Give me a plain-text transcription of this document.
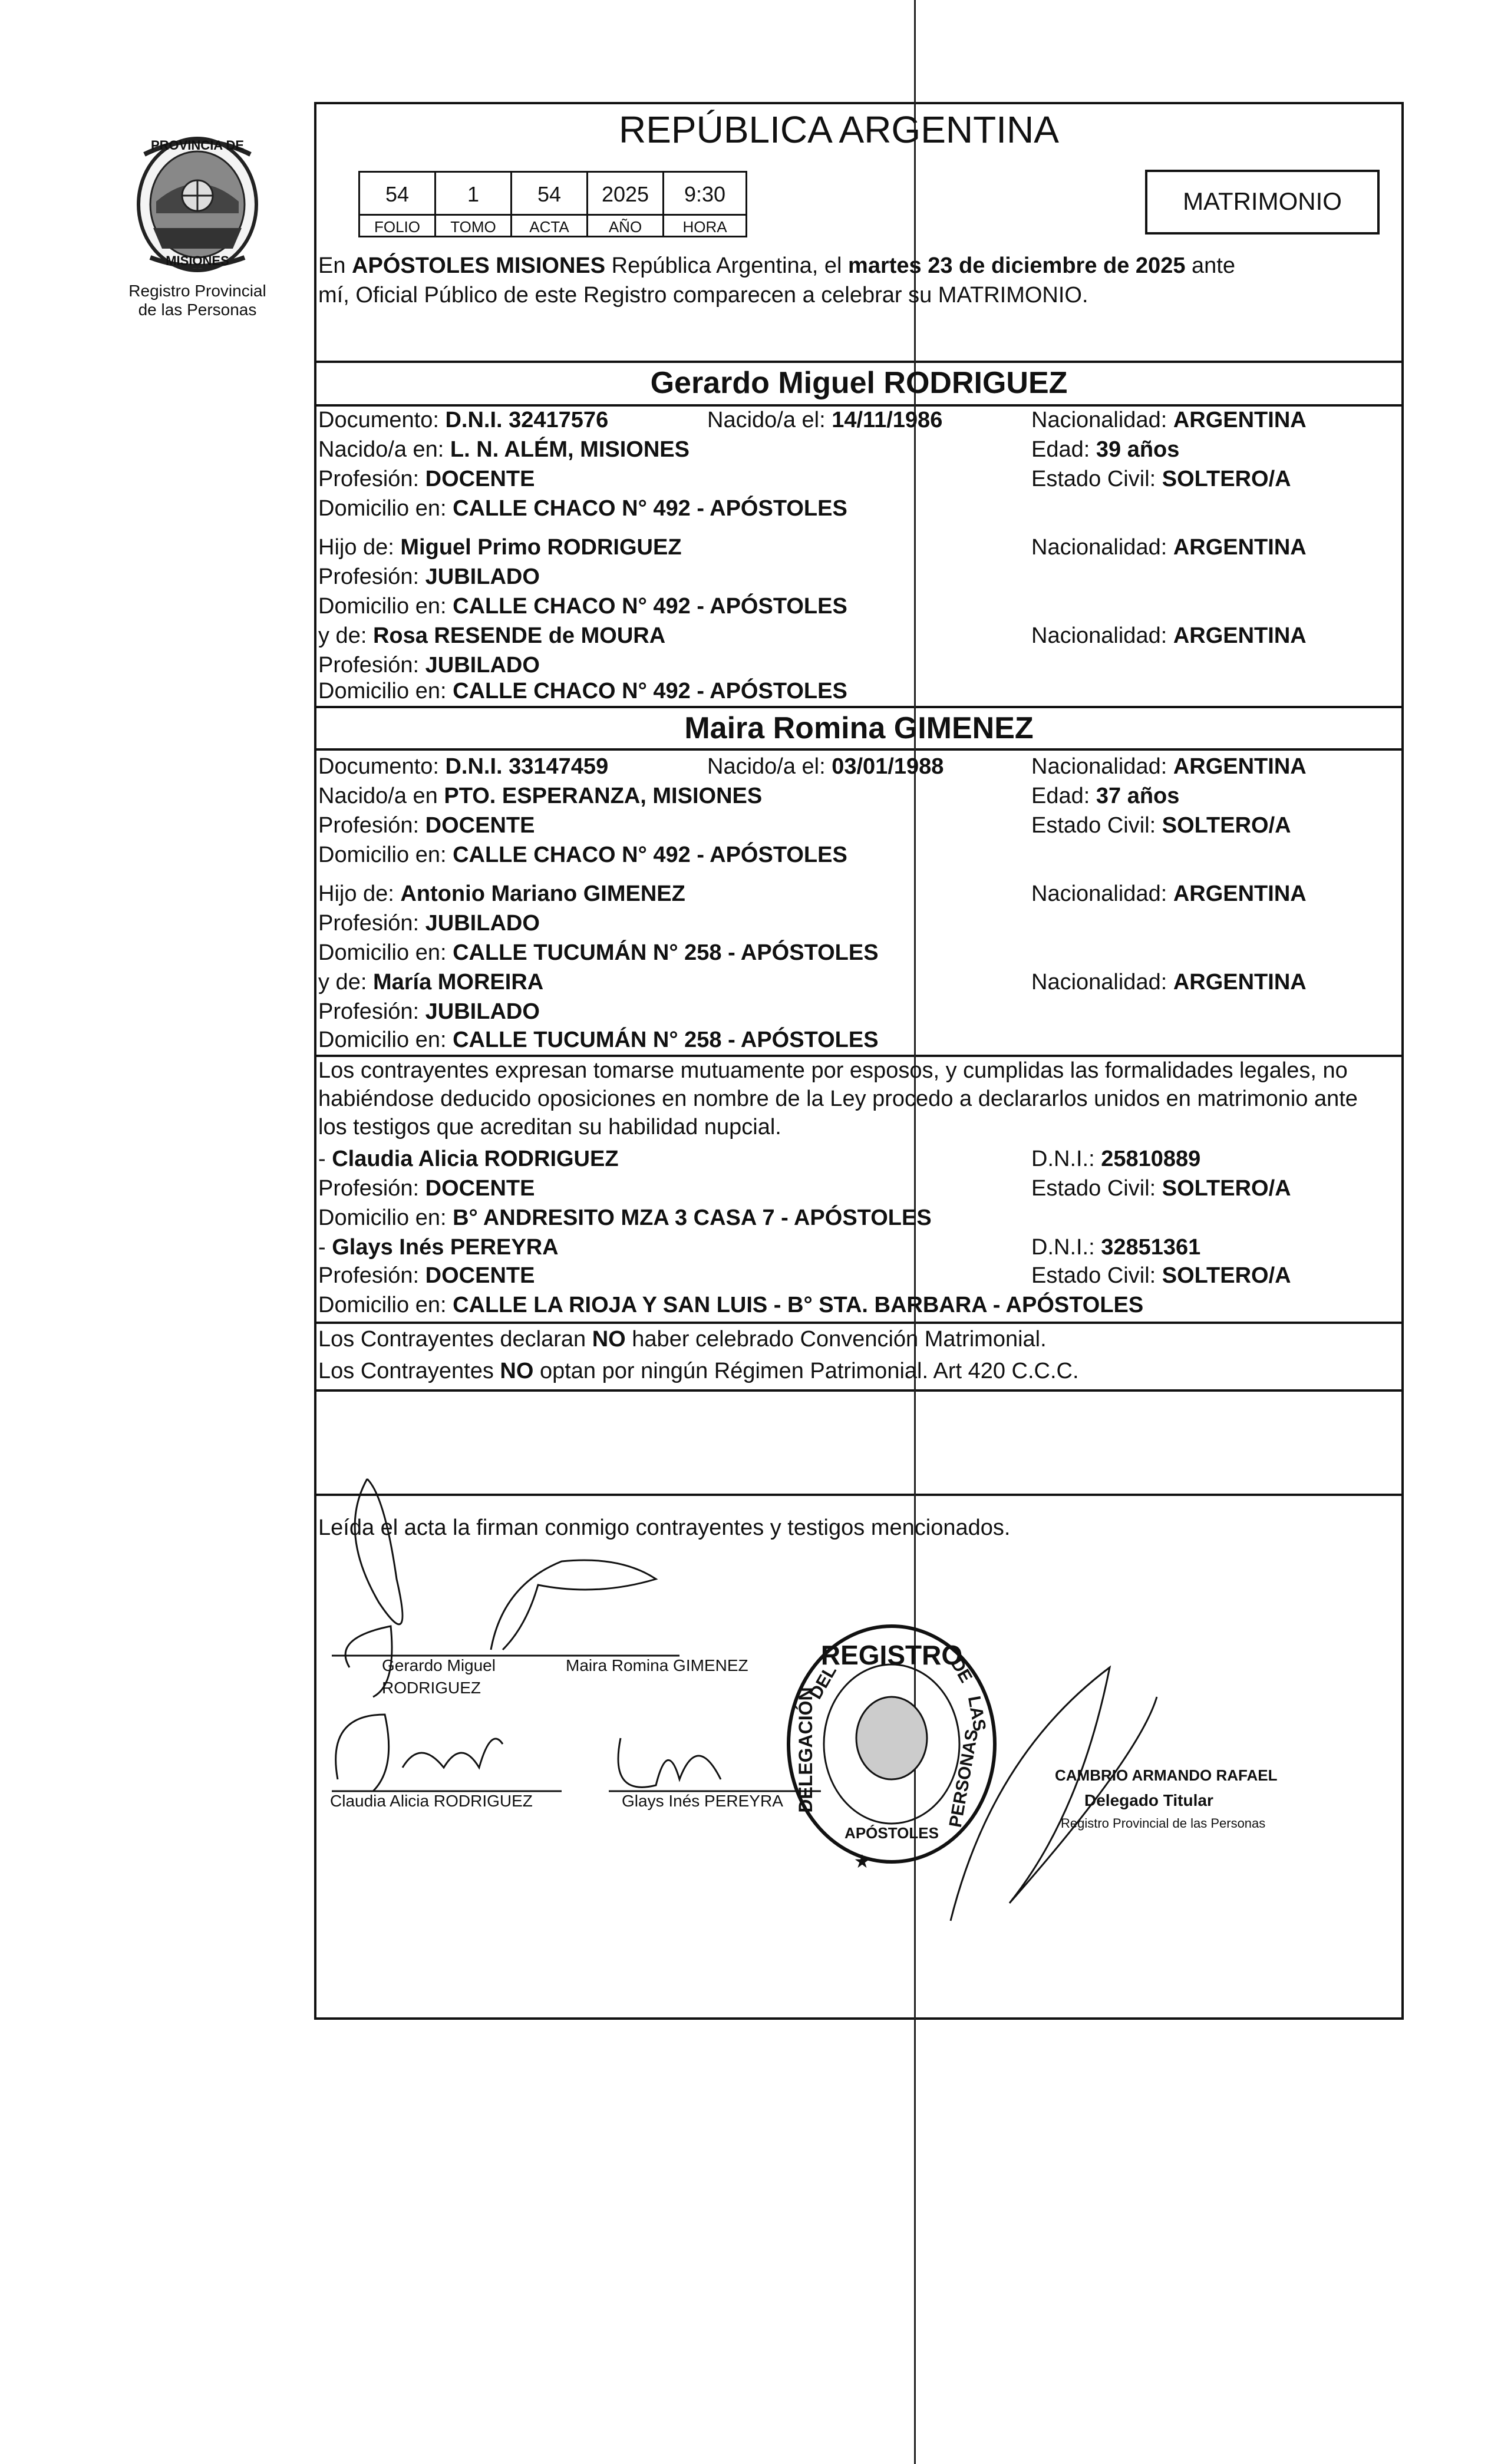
PROVINCIA DE
MISIONES
Registro Provincial
de las Personas
REPÚBLICA ARGENTINA
54	1	54	2025	9:30
FOLIO	TOMO	ACTA	AÑO	HORA
MATRIMONIO
En APÓSTOLES MISIONES República Argentina, el martes 23 de diciembre de 2025 ante
mí, Oficial Público de este Registro comparecen a celebrar su MATRIMONIO.
Gerardo Miguel RODRIGUEZ
Documento: D.N.I. 32417576	Nacido/a el: 14/11/1986	Nacionalidad: ARGENTINA
Nacido/a en: L. N. ALÉM, MISIONES	Edad: 39 años
Profesión: DOCENTE	Estado Civil: SOLTERO/A
Domicilio en: CALLE CHACO N° 492 - APÓSTOLES
Hijo de: Miguel Primo RODRIGUEZ	Nacionalidad: ARGENTINA
Profesión: JUBILADO
Domicilio en: CALLE CHACO N° 492 - APÓSTOLES
y de: Rosa RESENDE de MOURA	Nacionalidad: ARGENTINA
Profesión: JUBILADO
Domicilio en: CALLE CHACO N° 492 - APÓSTOLES
Maira Romina GIMENEZ
Documento: D.N.I. 33147459	Nacido/a el: 03/01/1988	Nacionalidad: ARGENTINA
Nacido/a en PTO. ESPERANZA, MISIONES	Edad: 37 años
Profesión: DOCENTE	Estado Civil: SOLTERO/A
Domicilio en: CALLE CHACO N° 492 - APÓSTOLES
Hijo de: Antonio Mariano GIMENEZ	Nacionalidad: ARGENTINA
Profesión: JUBILADO
Domicilio en: CALLE TUCUMÁN N° 258 - APÓSTOLES
y de: María MOREIRA	Nacionalidad: ARGENTINA
Profesión: JUBILADO
Domicilio en: CALLE TUCUMÁN N° 258 - APÓSTOLES
Los contrayentes expresan tomarse mutuamente por esposos, y cumplidas las formalidades legales, no
habiéndose deducido oposiciones en nombre de la Ley procedo a declararlos unidos en matrimonio ante
los testigos que acreditan su habilidad nupcial.
- Claudia Alicia RODRIGUEZ	D.N.I.: 25810889
Profesión: DOCENTE	Estado Civil: SOLTERO/A
Domicilio en: B° ANDRESITO MZA 3 CASA 7 - APÓSTOLES
- Glays Inés PEREYRA	D.N.I.: 32851361
Profesión: DOCENTE	Estado Civil: SOLTERO/A
Domicilio en: CALLE LA RIOJA Y SAN LUIS - B° STA. BARBARA - APÓSTOLES
Los Contrayentes declaran NO haber celebrado Convención Matrimonial.
Los Contrayentes NO optan por ningún Régimen Patrimonial. Art 420 C.C.C.
Leída el acta la firman conmigo contrayentes y testigos mencionados.
REGISTRO
APÓSTOLES
DELEGACIÓN
DEL	DE
LAS
PERSONAS
★
Gerardo Miguel
RODRIGUEZ
Maira Romina GIMENEZ
Claudia Alicia RODRIGUEZ	Glays Inés PEREYRA
CAMBRIO ARMANDO RAFAEL
Delegado Titular
Registro Provincial de las Personas
